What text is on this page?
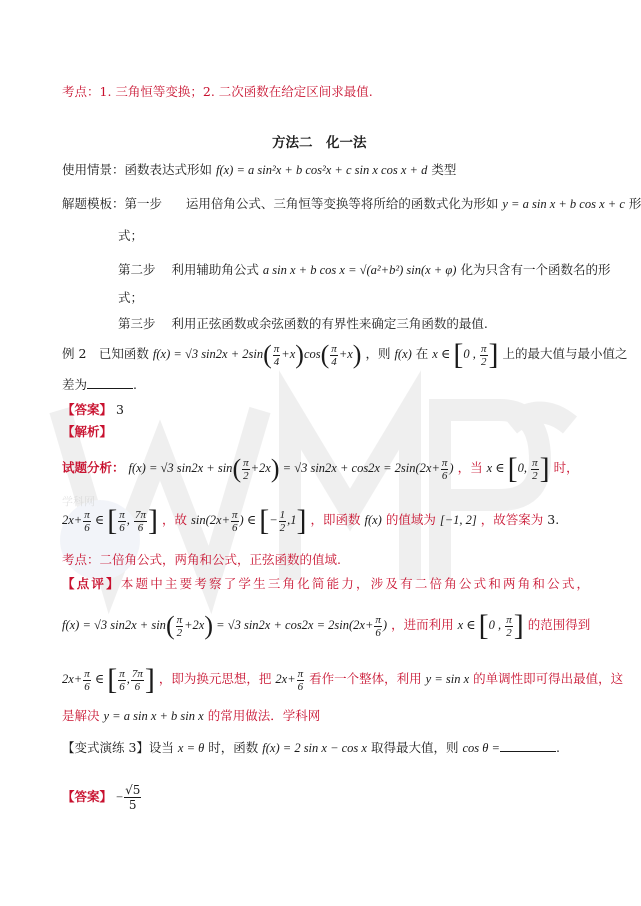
学科网
考点：1. 三角恒等变换；2. 二次函数在给定区间求最值.
方法二　化一法
使用情景：函数表达式形如 f(x) = a sin²x + b cos²x + c sin x cos x + d 类型
解题模板：第一步 运用倍角公式、三角恒等变换等将所给的函数式化为形如 y = a sin x + b cos x + c 形
式；
第二步 利用辅助角公式 a sin x + b cos x = √(a²+b²) sin(x + φ) 化为只含有一个函数名的形
式；
第三步 利用正弦函数或余弦函数的有界性来确定三角函数的最值.
例 2　已知函数 f(x) = √3 $\sin 2x + 2\sin( \frac{\pi}{4} +x)\cos( \frac{\pi}{4} +x)$ ，则 f(x) 在 x ∈ [0 , $\frac{\pi}{2}$ ] 上的最大值与最小值之
差为	.
【答案】 3
【解析】
试题分析： f(x) = √3 $\sin 2x + \sin( \frac{\pi}{2} +2x) = √3$ $\sin 2x + \cos 2x = 2\sin(2x+ \frac{\pi}{6}$ ) ，当 x ∈ [0, $\frac{\pi}{2}$ ] 时，
$2x+ \frac{\pi}{6}$ ∈ [ $\frac{\pi}{6}$ , $\frac{7\pi}{6}$ ] ，故 $\sin(2x+ \frac{\pi}{6}$ ) ∈ [− $\frac{1}{2} ,1$] ，即函数 f(x) 的值域为 [−1, 2] ，故答案为 3.
考点：二倍角公式，两角和公式，正弦函数的值域.
【点评】本题中主要考察了学生三角化简能力，涉及有二倍角公式和两角和公式，
f(x) = √3 $\sin 2x + \sin( \frac{\pi}{2} +2x) = √3$ $\sin 2x + \cos 2x = 2\sin(2x+ \frac{\pi}{6}$ ) ，进而利用 x ∈ [0 , $\frac{\pi}{2}$ ] 的范围得到
$2x+ \frac{\pi}{6}$ ∈ [ $\frac{\pi}{6}$ , $\frac{7\pi}{6}$ ] ，即为换元思想，把 $2x+ \frac{\pi}{6}$ 看作一个整体，利用 y = sin x 的单调性即可得出最值，这
是解决 y = a sin x + b sin x 的常用做法．学科网
【变式演练 3】设当 x = θ 时，函数 f(x) = 2 sin x − cos x 取得最大值，则 cos θ =	.
【答案】 − $\frac{√5}{5}$
